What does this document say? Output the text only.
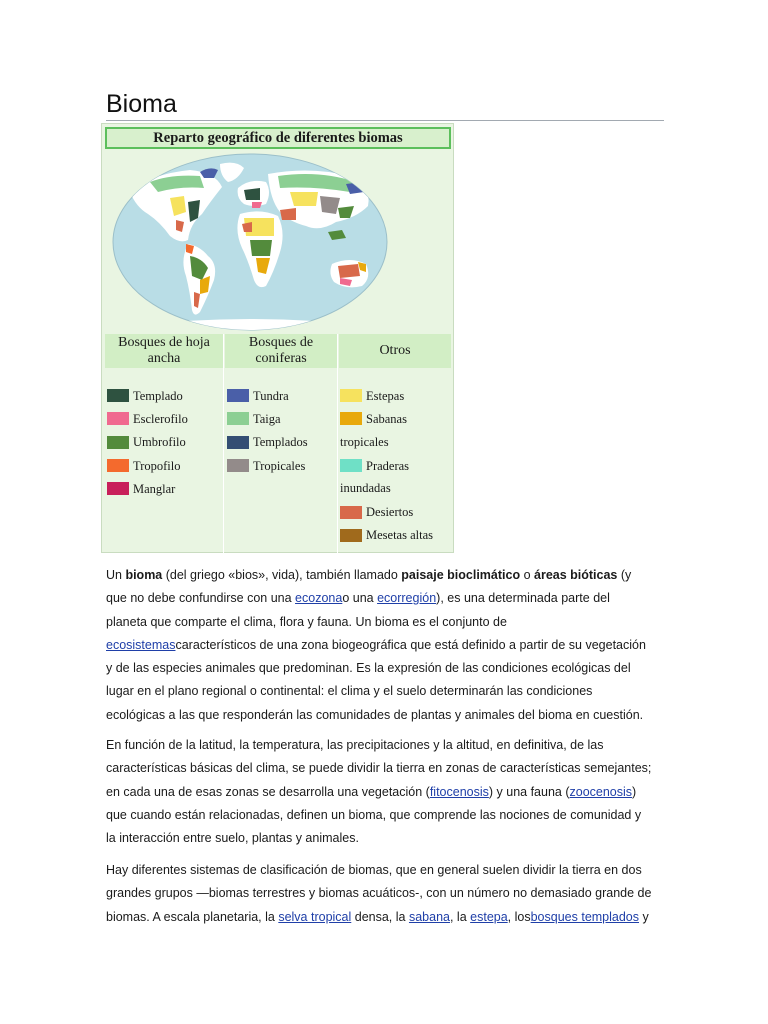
Bioma
Reparto geográfico de diferentes biomas
Bosques de hoja ancha
Bosques de coniferas
Otros
Templado
Esclerofilo
Umbrofilo
Tropofilo
Manglar
Tundra
Taiga
Templados
Tropicales
Estepas
Sabanas
tropicales
Praderas
inundadas
Desiertos
Mesetas altas

Un bioma (del griego «bios», vida), también llamado paisaje bioclimático o áreas bióticas (y que no debe confundirse con una ecozonao una ecorregión), es una determinada parte del planeta que comparte el clima, flora y fauna. Un bioma es el conjunto de ecosistemascaracterísticos de una zona biogeográfica que está definido a partir de su vegetación y de las especies animales que predominan. Es la expresión de las condiciones ecológicas del lugar en el plano regional o continental: el clima y el suelo determinarán las condiciones ecológicas a las que responderán las comunidades de plantas y animales del bioma en cuestión.

En función de la latitud, la temperatura, las precipitaciones y la altitud, en definitiva, de las características básicas del clima, se puede dividir la tierra en zonas de características semejantes; en cada una de esas zonas se desarrolla una vegetación (fitocenosis) y una fauna (zoocenosis) que cuando están relacionadas, definen un bioma, que comprende las nociones de comunidad y la interacción entre suelo, plantas y animales.

Hay diferentes sistemas de clasificación de biomas, que en general suelen dividir la tierra en dos grandes grupos —biomas terrestres y biomas acuáticos-, con un número no demasiado grande de biomas. A escala planetaria, la selva tropical densa, la sabana, la estepa, losbosques templados y
